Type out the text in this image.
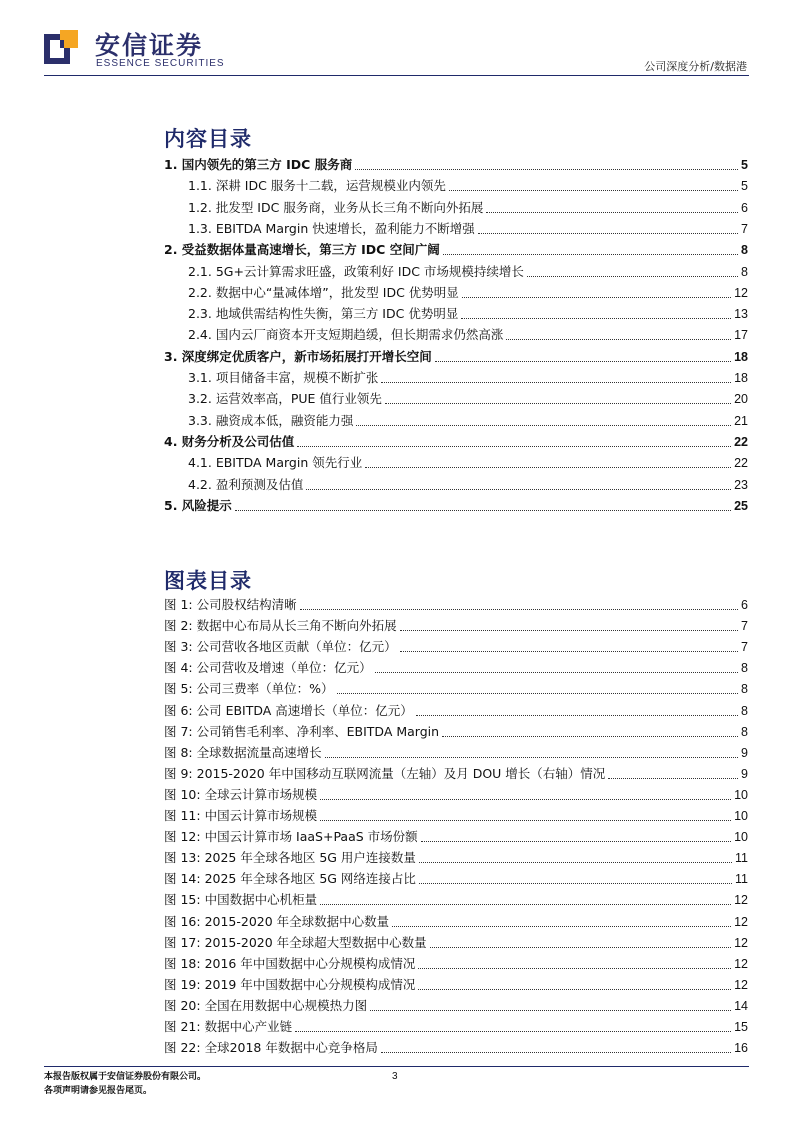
安信证券
ESSENCE SECURITIES	公司深度分析/数据港
内容目录
1. 国内领先的第三方 IDC 服务商	5
1.1. 深耕 IDC 服务十二载，运营规模业内领先	5
1.2. 批发型 IDC 服务商，业务从长三角不断向外拓展	6
1.3. EBITDA Margin 快速增长，盈利能力不断增强	7
2. 受益数据体量高速增长，第三方 IDC 空间广阔	8
2.1. 5G+云计算需求旺盛，政策利好 IDC 市场规模持续增长	8
2.2. 数据中心“量减体增”，批发型 IDC 优势明显	12
2.3. 地域供需结构性失衡，第三方 IDC 优势明显	13
2.4. 国内云厂商资本开支短期趋缓，但长期需求仍然高涨	17
3. 深度绑定优质客户，新市场拓展打开增长空间	18
3.1. 项目储备丰富，规模不断扩张	18
3.2. 运营效率高，PUE 值行业领先	20
3.3. 融资成本低，融资能力强	21
4. 财务分析及公司估值	22
4.1. EBITDA Margin 领先行业	22
4.2. 盈利预测及估值	23
5. 风险提示	25
图表目录
图 1: 公司股权结构清晰	6
图 2: 数据中心布局从长三角不断向外拓展	7
图 3: 公司营收各地区贡献（单位：亿元）	7
图 4: 公司营收及增速（单位：亿元）	8
图 5: 公司三费率（单位：%）	8
图 6: 公司 EBITDA 高速增长（单位：亿元）	8
图 7: 公司销售毛利率、净利率、EBITDA Margin	8
图 8: 全球数据流量高速增长	9
图 9: 2015-2020 年中国移动互联网流量（左轴）及月 DOU 增长（右轴）情况	9
图 10: 全球云计算市场规模	10
图 11: 中国云计算市场规模	10
图 12: 中国云计算市场 IaaS+PaaS 市场份额	10
图 13: 2025 年全球各地区 5G 用户连接数量	11
图 14: 2025 年全球各地区 5G 网络连接占比	11
图 15: 中国数据中心机柜量	12
图 16: 2015-2020 年全球数据中心数量	12
图 17: 2015-2020 年全球超大型数据中心数量	12
图 18: 2016 年中国数据中心分规模构成情况	12
图 19: 2019 年中国数据中心分规模构成情况	12
图 20: 全国在用数据中心规模热力图	14
图 21: 数据中心产业链	15
图 22: 全球2018 年数据中心竞争格局	16
本报告版权属于安信证券股份有限公司。
各项声明请参见报告尾页。
3
